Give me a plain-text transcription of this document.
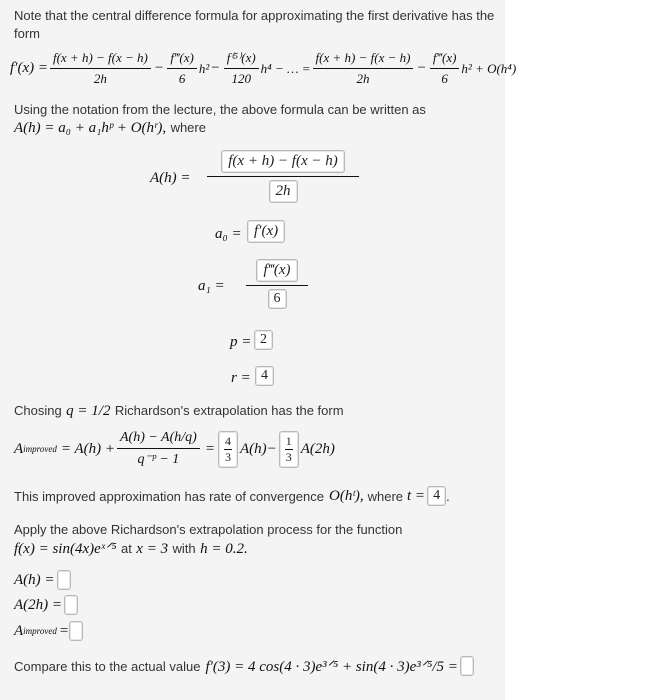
Note that the central difference formula for approximating the first derivative has the
form
$f'(x) = \frac{f(x + h) - f(x - h)}{2h} - \frac{f‴(x)}{6} h^2 - \frac{\text{f⁽⁵⁾(x)}}{120} h^4$ − … = $\frac{f(x + h) - f(x - h)}{2h} - \frac{f‴(x)}{6} h^2 + O(h^4)$
Using the notation from the lecture, the above formula can be written as
A(h) = a₀ + a₁hᵖ + O(hʳ), where
$A(h) = \frac{f(x + h) - f(x - h)}{2h}$
a₀ = f′(x)
$a_1 = \frac{f‴(x)}{6}$
p = 2
r = 4
Chosing q = 1/2 Richardson's extrapolation has the form
A improved = $A(h) + \frac{A(h) - A(h/q)}{\text{q⁻ᵖ − 1}} = \frac{4}{3} A(h)- \frac{1}{3} A(2h)$
This improved approximation has rate of convergence O(hᵗ), where t = 4 .
Apply the above Richardson's extrapolation process for the function
f(x) = sin(4x)eˣᐟ⁵ at x = 3 with h = 0.2.
A(h) =
A(2h) =
A improved =
Compare this to the actual value f′(3) = 4 cos(4 · 3)e³ᐟ⁵ + sin(4 · 3)e³ᐟ⁵/5 =
